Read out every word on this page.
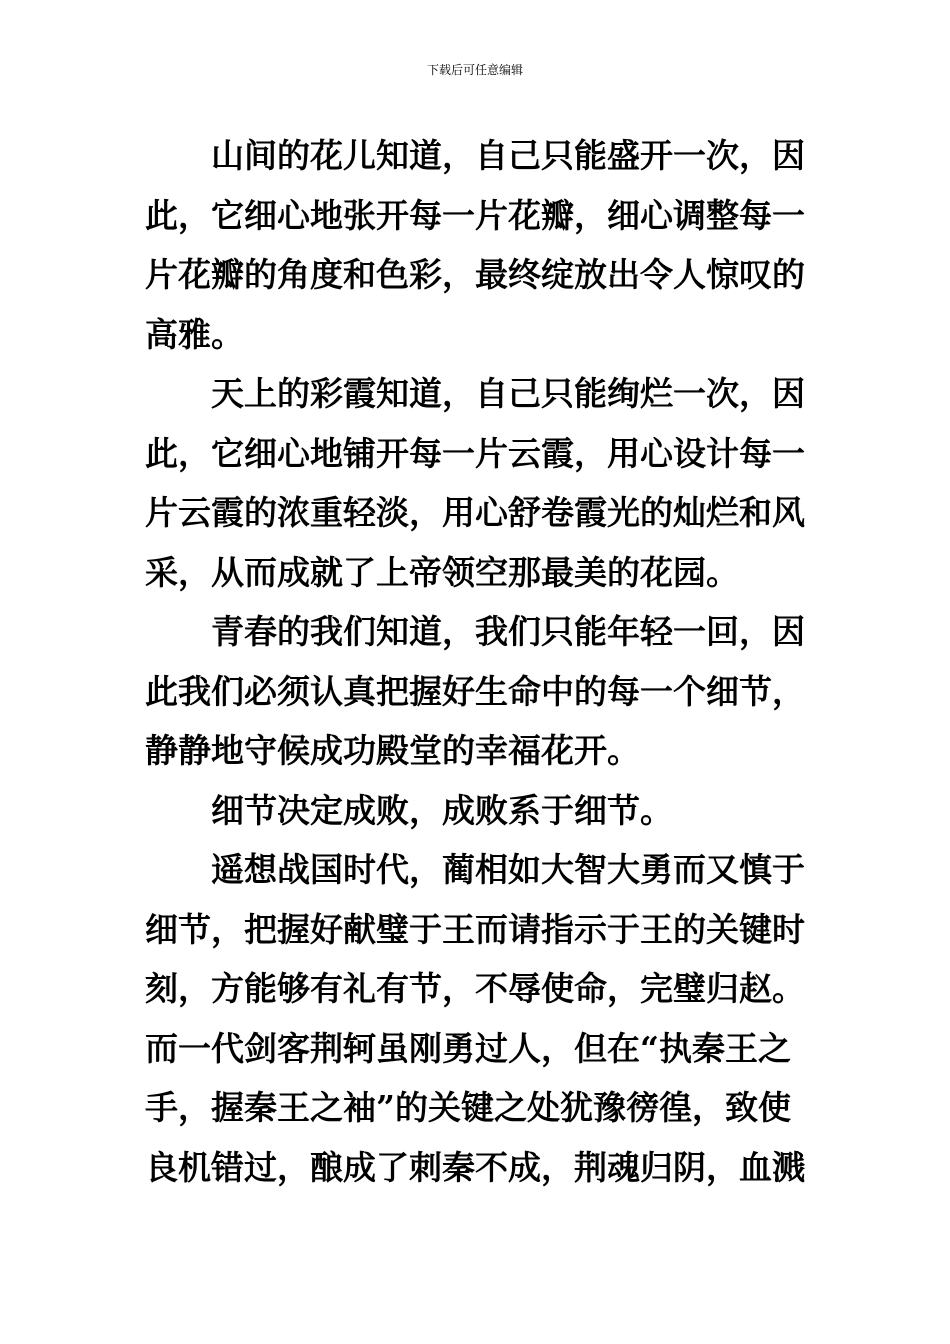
下载后可任意编辑
山间的花儿知道，自己只能盛开一次，因
此，它细心地张开每一片花瓣，细心调整每一
片花瓣的角度和色彩，最终绽放出令人惊叹的
高雅。
天上的彩霞知道，自己只能绚烂一次，因
此，它细心地铺开每一片云霞，用心设计每一
片云霞的浓重轻淡，用心舒卷霞光的灿烂和风
采，从而成就了上帝领空那最美的花园。
青春的我们知道，我们只能年轻一回，因
此我们必须认真把握好生命中的每一个细节，
静静地守候成功殿堂的幸福花开。
细节决定成败，成败系于细节。
遥想战国时代，蔺相如大智大勇而又慎于
细节，把握好献璧于王而请指示于王的关键时
刻，方能够有礼有节，不辱使命，完璧归赵。
而一代剑客荆轲虽刚勇过人，但在“执秦王之
手，握秦王之袖”的关键之处犹豫徬徨，致使
良机错过，酿成了刺秦不成，荆魂归阴，血溅
